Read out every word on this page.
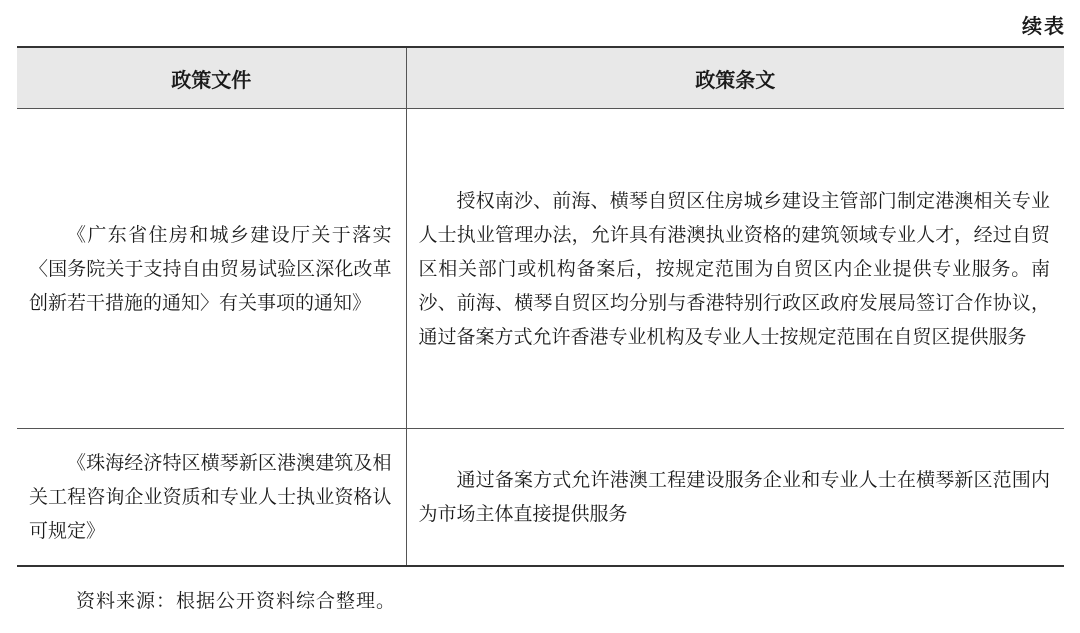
续表
政策文件	政策条文
《广东省住房和城乡建设厅关于落实〈国务院关于支持自由贸易试验区深化改革创新若干措施的通知〉有关事项的通知》	授权南沙、前海、横琴自贸区住房城乡建设主管部门制定港澳相关专业人士执业管理办法，允许具有港澳执业资格的建筑领域专业人才，经过自贸区相关部门或机构备案后，按规定范围为自贸区内企业提供专业服务。南沙、前海、横琴自贸区均分别与香港特别行政区政府发展局签订合作协议，通过备案方式允许香港专业机构及专业人士按规定范围在自贸区提供服务
《珠海经济特区横琴新区港澳建筑及相关工程咨询企业资质和专业人士执业资格认可规定》	通过备案方式允许港澳工程建设服务企业和专业人士在横琴新区范围内为市场主体直接提供服务
资料来源：根据公开资料综合整理。
